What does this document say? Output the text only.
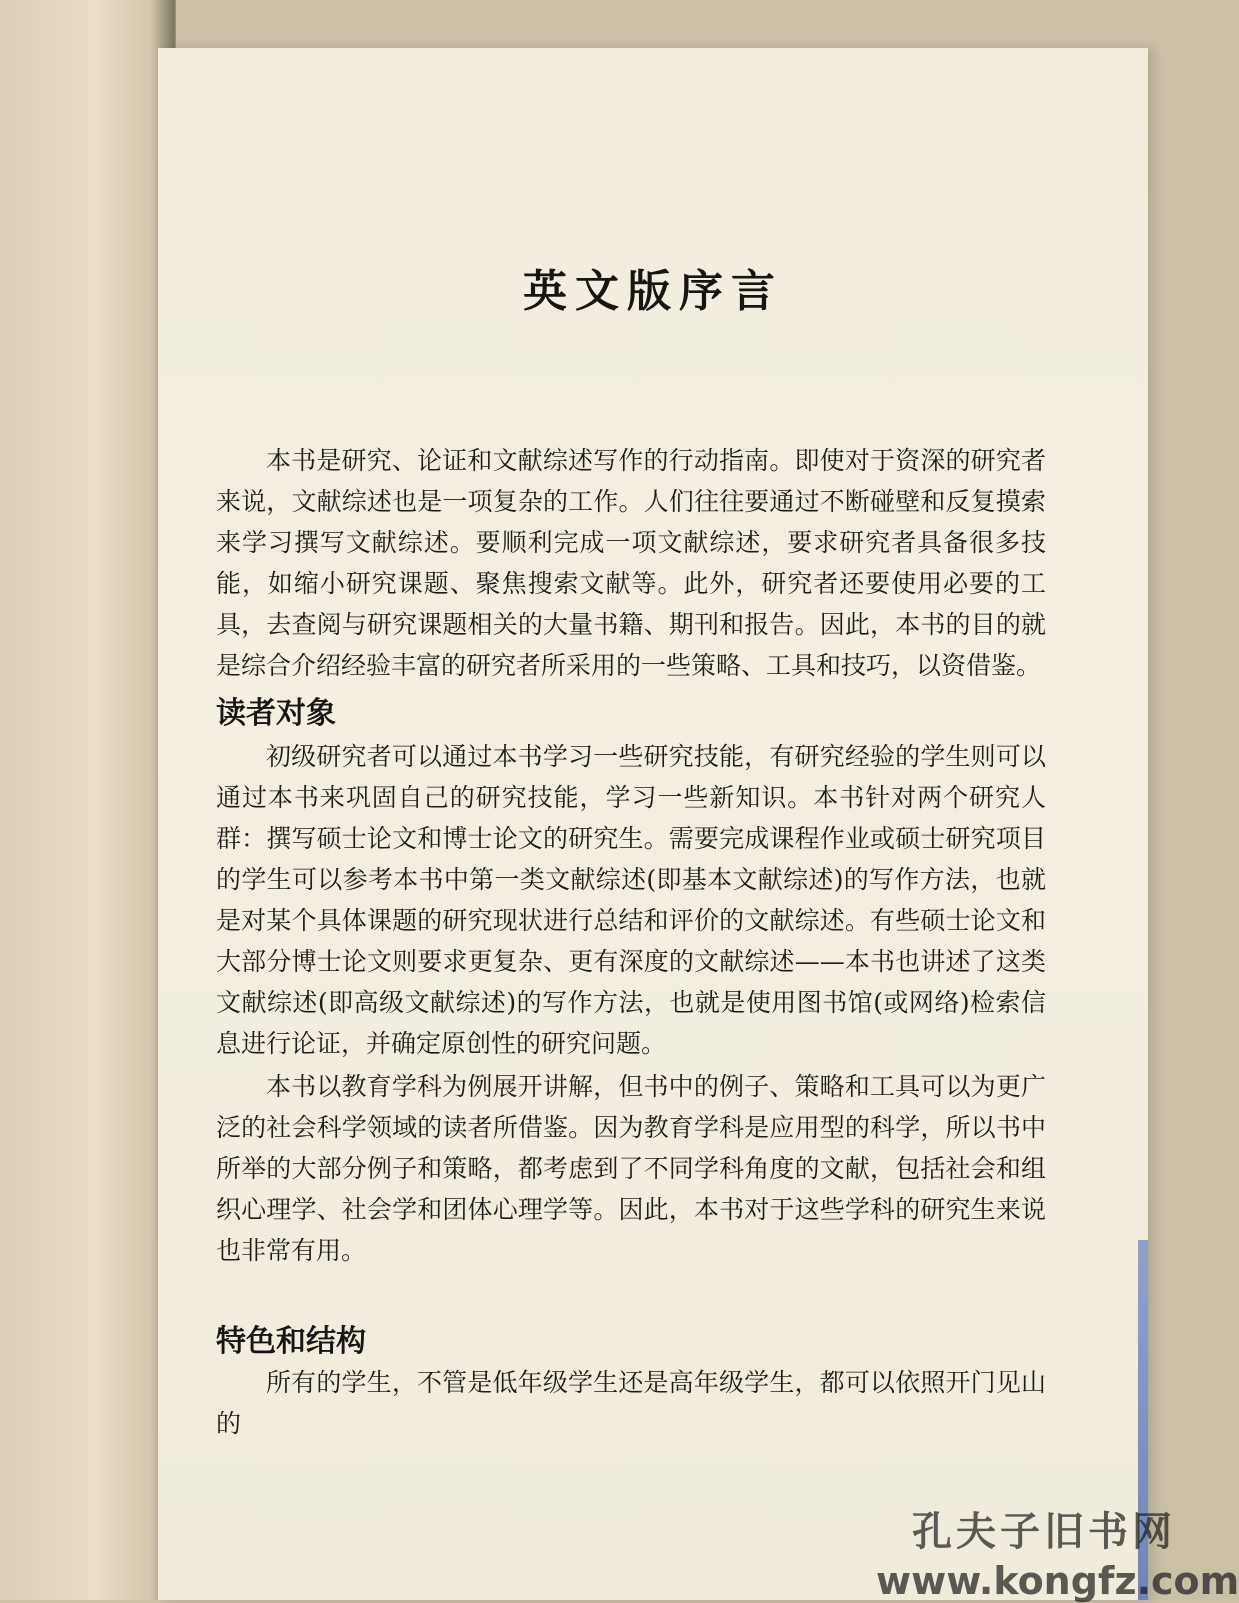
英文版序言

本书是研究、论证和文献综述写作的行动指南。即使对于资深的研究者来说，文献综述也是一项复杂的工作。人们往往要通过不断碰壁和反复摸索来学习撰写文献综述。要顺利完成一项文献综述，要求研究者具备很多技能，如缩小研究课题、聚焦搜索文献等。此外，研究者还要使用必要的工具，去查阅与研究课题相关的大量书籍、期刊和报告。因此，本书的目的就是综合介绍经验丰富的研究者所采用的一些策略、工具和技巧，以资借鉴。

读者对象

初级研究者可以通过本书学习一些研究技能，有研究经验的学生则可以通过本书来巩固自己的研究技能，学习一些新知识。本书针对两个研究人群：撰写硕士论文和博士论文的研究生。需要完成课程作业或硕士研究项目的学生可以参考本书中第一类文献综述(即基本文献综述)的写作方法，也就是对某个具体课题的研究现状进行总结和评价的文献综述。有些硕士论文和大部分博士论文则要求更复杂、更有深度的文献综述——本书也讲述了这类文献综述(即高级文献综述)的写作方法，也就是使用图书馆(或网络)检索信息进行论证，并确定原创性的研究问题。

本书以教育学科为例展开讲解，但书中的例子、策略和工具可以为更广泛的社会科学领域的读者所借鉴。因为教育学科是应用型的科学，所以书中所举的大部分例子和策略，都考虑到了不同学科角度的文献，包括社会和组织心理学、社会学和团体心理学等。因此，本书对于这些学科的研究生来说也非常有用。

特色和结构

所有的学生，不管是低年级学生还是高年级学生，都可以依照开门见山的

孔夫子旧书网
www.kongfz.com
